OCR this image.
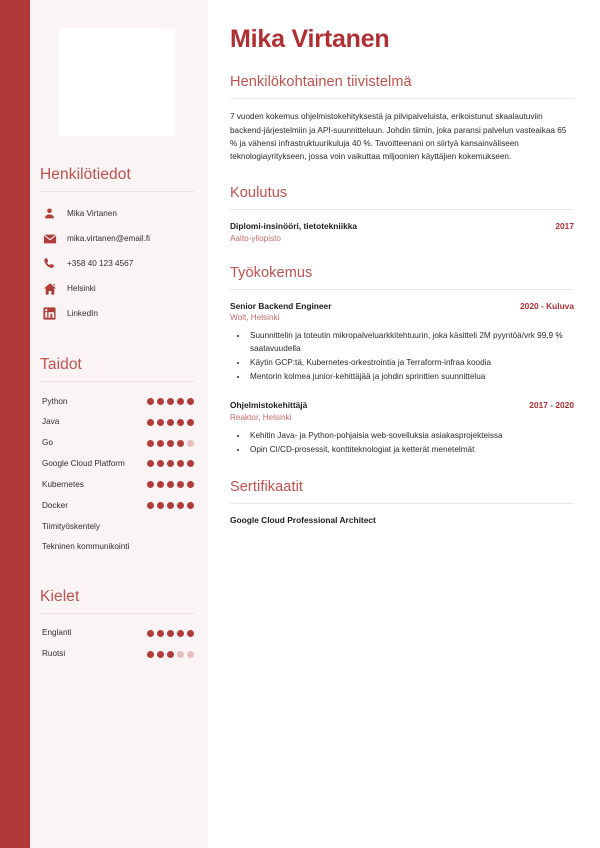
Henkilötiedot
Mika Virtanen
mika.virtanen@email.fi
+358 40 123 4567
Helsinki
LinkedIn
Taidot
Python
Java
Go
Google Cloud Platform
Kubernetes
Docker
Tiimityöskentely
Tekninen kommunikointi
Kielet
Englanti
Ruotsi
Mika Virtanen
Henkilökohtainen tiivistelmä

7 vuoden kokemus ohjelmistokehityksestä ja pilvipalveluista, erikoistunut skaalautuviin backend-järjestelmiin ja API-suunnitteluun. Johdin tiimin, joka paransi palvelun vasteaikaa 65 % ja vähensi infrastruktuurikuluja 40 %. Tavoitteenani on siirtyä kansainväliseen teknologiayritykseen, jossa voin vaikuttaa miljoonien käyttäjien kokemukseen.

Koulutus
Diplomi-insinööri, tietotekniikka	2017
Aalto-yliopisto
Työkokemus
Senior Backend Engineer	2020 - Kuluva
Wolt, Helsinki
• Suunnittelin ja toteutin mikropalveluarkkitehtuurin, joka käsitteli 2M pyyntöä/vrk 99,9 % saatavuudella
• Käytin GCP:tä, Kubernetes-orkestrointia ja Terraform-infraa koodia
• Mentorin kolmea junior-kehittäjää ja johdin sprinttien suunnittelua
Ohjelmistokehittäjä	2017 - 2020
Reaktor, Helsinki
• Kehitin Java- ja Python-pohjaisia web-sovelluksia asiakasprojekteissa
• Opin CI/CD-prosessit, konttiteknologiat ja ketterät menetelmät
Sertifikaatit
Google Cloud Professional Architect
